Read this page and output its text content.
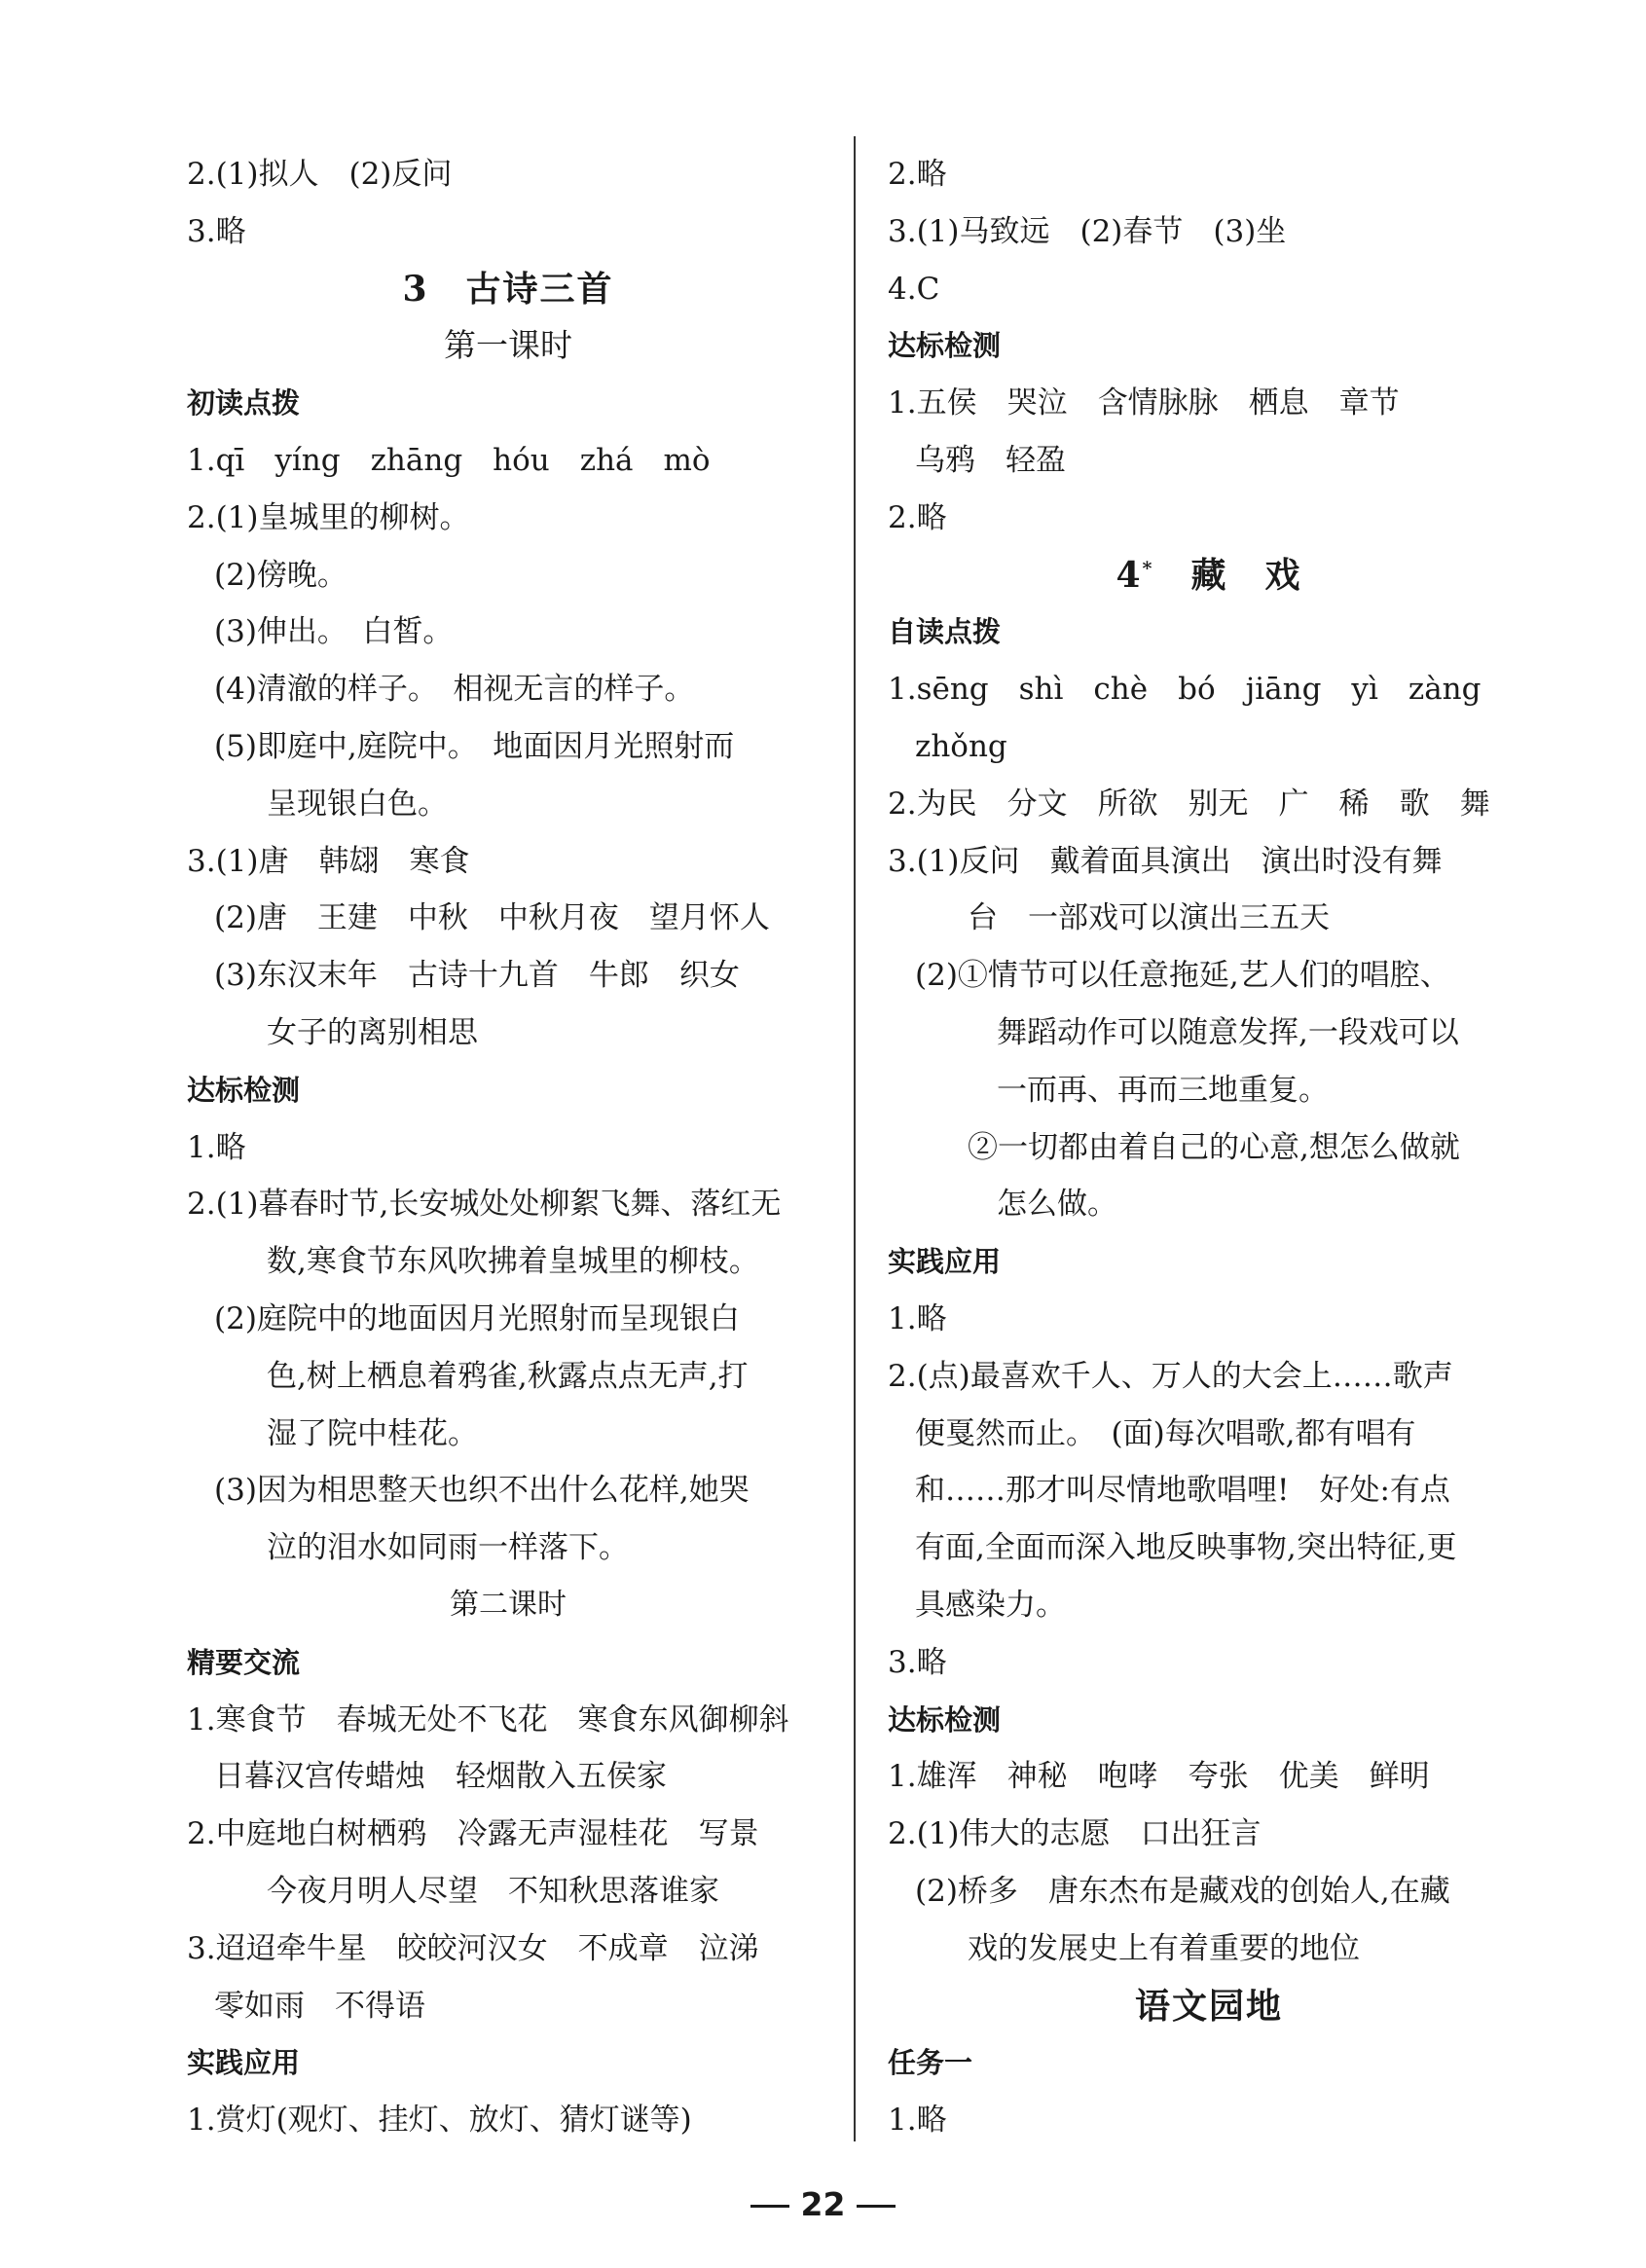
2.(1)拟人　(2)反问
3.略
3　古诗三首
第一课时
初读点拨
1.qī　yíng　zhāng　hóu　zhá　mò
2.(1)皇城里的柳树。
(2)傍晚。
(3)伸出。　白皙。
(4)清澈的样子。　相视无言的样子。
(5)即庭中,庭院中。　地面因月光照射而
呈现银白色。
3.(1)唐　韩翃　寒食
(2)唐　王建　中秋　中秋月夜　望月怀人
(3)东汉末年　古诗十九首　牛郎　织女
女子的离别相思
达标检测
1.略
2.(1)暮春时节,长安城处处柳絮飞舞、落红无
数,寒食节东风吹拂着皇城里的柳枝。
(2)庭院中的地面因月光照射而呈现银白
色,树上栖息着鸦雀,秋露点点无声,打
湿了院中桂花。
(3)因为相思整天也织不出什么花样,她哭
泣的泪水如同雨一样落下。
第二课时
精要交流
1.寒食节　春城无处不飞花　寒食东风御柳斜
日暮汉宫传蜡烛　轻烟散入五侯家
2.中庭地白树栖鸦　冷露无声湿桂花　写景
今夜月明人尽望　不知秋思落谁家
3.迢迢牵牛星　皎皎河汉女　不成章　泣涕
零如雨　不得语
实践应用
1.赏灯(观灯、挂灯、放灯、猜灯谜等)
2.略
3.(1)马致远　(2)春节　(3)坐
4.C
达标检测
1.五侯　哭泣　含情脉脉　栖息　章节
乌鸦　轻盈
2.略
4*　 藏　戏
自读点拨
1.sēng　shì　chè　bó　jiāng　yì　zàng
zhǒng
2.为民　分文　所欲　别无　广　稀　歌　舞
3.(1)反问　戴着面具演出　演出时没有舞
台　一部戏可以演出三五天
(2)①情节可以任意拖延,艺人们的唱腔、
舞蹈动作可以随意发挥,一段戏可以
一而再、再而三地重复。
②一切都由着自己的心意,想怎么做就
怎么做。
实践应用
1.略
2.(点)最喜欢千人、万人的大会上……歌声
便戛然而止。　(面)每次唱歌,都有唱有
和……那才叫尽情地歌唱哩!　好处:有点
有面,全面而深入地反映事物,突出特征,更
具感染力。
3.略
达标检测
1.雄浑　神秘　咆哮　夸张　优美　鲜明
2.(1)伟大的志愿　口出狂言
(2)桥多　唐东杰布是藏戏的创始人,在藏
戏的发展史上有着重要的地位
语文园地
任务一
1.略
22
